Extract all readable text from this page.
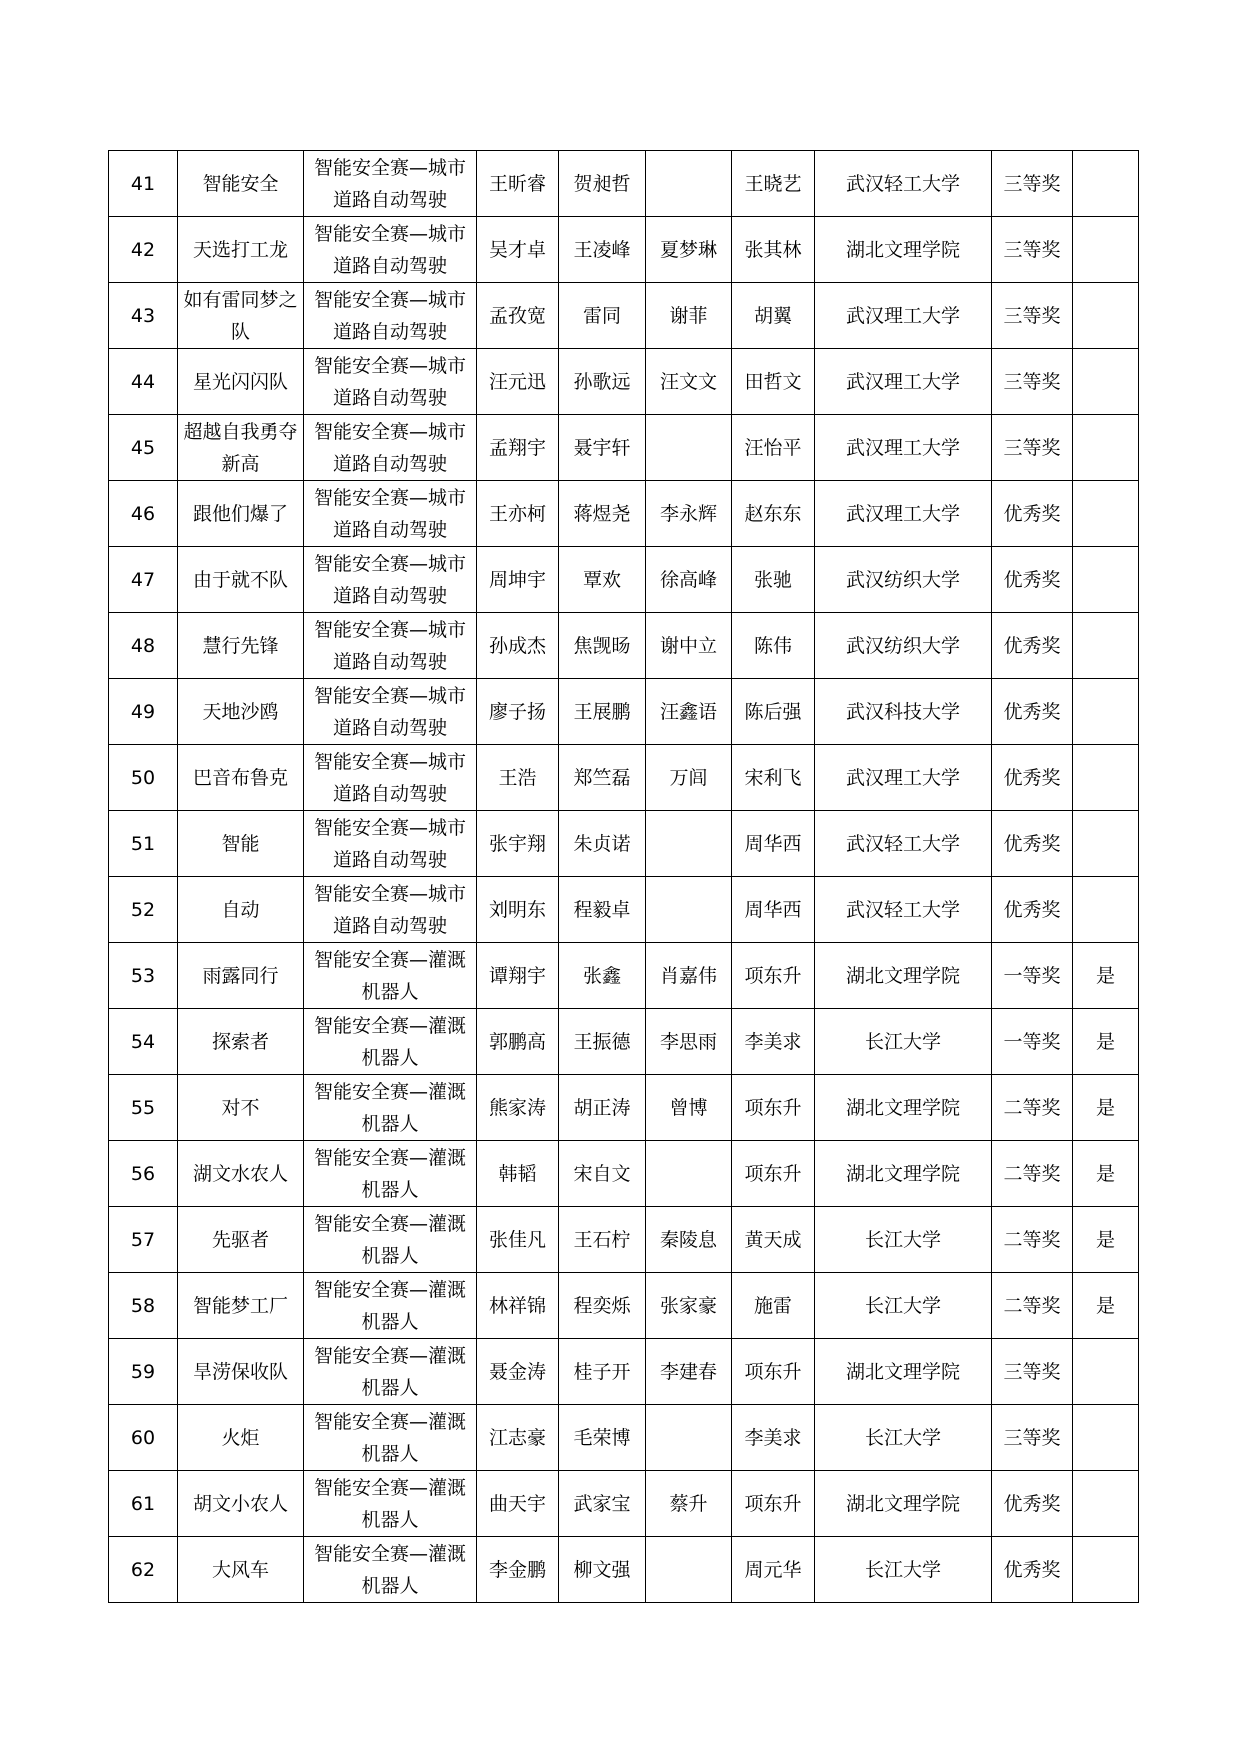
41	智能安全	智能安全赛—城市道路自动驾驶	王昕睿	贺昶哲		王晓艺	武汉轻工大学	三等奖	
42	天选打工龙	智能安全赛—城市道路自动驾驶	吴才卓	王凌峰	夏梦琳	张其林	湖北文理学院	三等奖	
43	如有雷同梦之队	智能安全赛—城市道路自动驾驶	孟孜宽	雷同	谢菲	胡翼	武汉理工大学	三等奖	
44	星光闪闪队	智能安全赛—城市道路自动驾驶	汪元迅	孙歌远	汪文文	田哲文	武汉理工大学	三等奖	
45	超越自我勇夺新高	智能安全赛—城市道路自动驾驶	孟翔宇	聂宇轩		汪怡平	武汉理工大学	三等奖	
46	跟他们爆了	智能安全赛—城市道路自动驾驶	王亦柯	蒋煜尧	李永辉	赵东东	武汉理工大学	优秀奖	
47	由于就不队	智能安全赛—城市道路自动驾驶	周坤宇	覃欢	徐高峰	张驰	武汉纺织大学	优秀奖	
48	慧行先锋	智能安全赛—城市道路自动驾驶	孙成杰	焦觊旸	谢中立	陈伟	武汉纺织大学	优秀奖	
49	天地沙鸥	智能安全赛—城市道路自动驾驶	廖子扬	王展鹏	汪鑫语	陈后强	武汉科技大学	优秀奖	
50	巴音布鲁克	智能安全赛—城市道路自动驾驶	王浩	郑竺磊	万闾	宋利飞	武汉理工大学	优秀奖	
51	智能	智能安全赛—城市道路自动驾驶	张宇翔	朱贞诺		周华西	武汉轻工大学	优秀奖	
52	自动	智能安全赛—城市道路自动驾驶	刘明东	程毅卓		周华西	武汉轻工大学	优秀奖	
53	雨露同行	智能安全赛—灌溉机器人	谭翔宇	张鑫	肖嘉伟	项东升	湖北文理学院	一等奖	是
54	探索者	智能安全赛—灌溉机器人	郭鹏高	王振德	李思雨	李美求	长江大学	一等奖	是
55	对不	智能安全赛—灌溉机器人	熊家涛	胡正涛	曾博	项东升	湖北文理学院	二等奖	是
56	湖文水农人	智能安全赛—灌溉机器人	韩韬	宋自文		项东升	湖北文理学院	二等奖	是
57	先驱者	智能安全赛—灌溉机器人	张佳凡	王石柠	秦陵息	黄天成	长江大学	二等奖	是
58	智能梦工厂	智能安全赛—灌溉机器人	林祥锦	程奕烁	张家豪	施雷	长江大学	二等奖	是
59	旱涝保收队	智能安全赛—灌溉机器人	聂金涛	桂子开	李建春	项东升	湖北文理学院	三等奖	
60	火炬	智能安全赛—灌溉机器人	江志豪	毛荣博		李美求	长江大学	三等奖	
61	胡文小农人	智能安全赛—灌溉机器人	曲天宇	武家宝	蔡升	项东升	湖北文理学院	优秀奖	
62	大风车	智能安全赛—灌溉机器人	李金鹏	柳文强		周元华	长江大学	优秀奖	
